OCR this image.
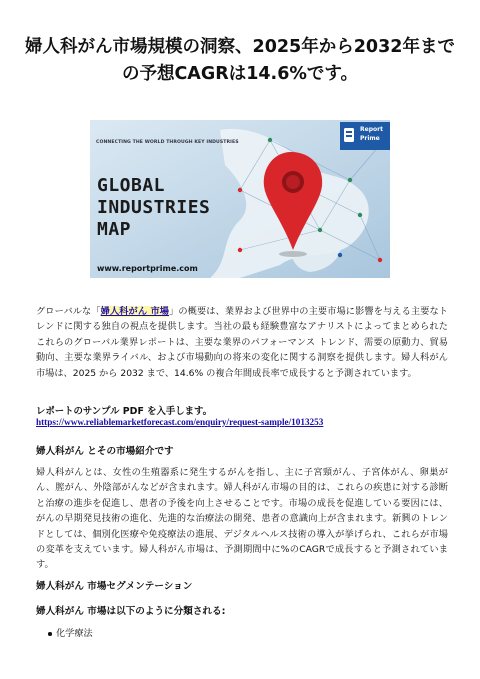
婦人科がん市場規模の洞察、2025年から2032年までの予想CAGRは14.6%です。
CONNECTING THE WORLD THROUGH KEY INDUSTRIES
Report
Prime
GLOBAL
INDUSTRIES
MAP
www.reportprime.com

グローバルな「婦人科がん 市場」の概要は、業界および世界中の主要市場に影響を与える主要なトレンドに関する独自の視点を提供します。当社の最も経験豊富なアナリストによってまとめられたこれらのグローバル業界レポートは、主要な業界のパフォーマンス トレンド、需要の原動力、貿易動向、主要な業界ライバル、および市場動向の将来の変化に関する洞察を提供します。婦人科がん 市場は、2025 から 2032 まで、14.6% の複合年間成長率で成長すると予測されています。

レポートのサンプル PDF を入手します。
https://www.reliablemarketforecast.com/enquiry/request-sample/1013253
婦人科がん とその市場紹介です

婦人科がんとは、女性の生殖器系に発生するがんを指し、主に子宮頸がん、子宮体がん、卵巣がん、膣がん、外陰部がんなどが含まれます。婦人科がん市場の目的は、これらの疾患に対する診断と治療の進歩を促進し、患者の予後を向上させることです。市場の成長を促進している要因には、がんの早期発見技術の進化、先進的な治療法の開発、患者の意識向上が含まれます。新興のトレンドとしては、個別化医療や免疫療法の進展、デジタルヘルス技術の導入が挙げられ、これらが市場の変革を支えています。婦人科がん市場は、予測期間中に%のCAGRで成長すると予測されています。

婦人科がん 市場セグメンテーション
婦人科がん 市場は以下のように分類される:
化学療法
